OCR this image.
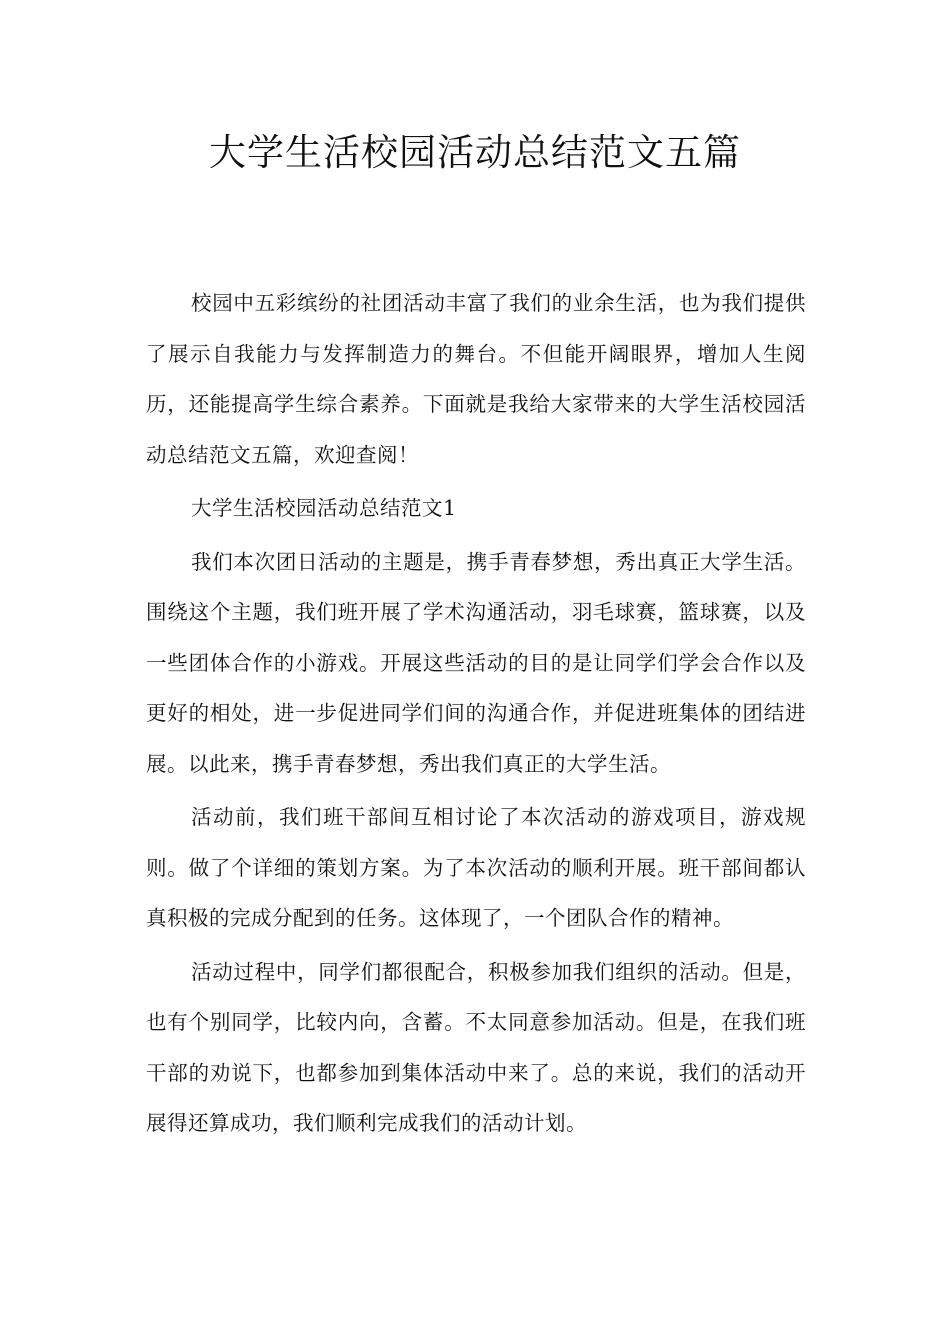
大学生活校园活动总结范文五篇

校园中五彩缤纷的社团活动丰富了我们的业余生活，也为我们提供了展示自我能力与发挥制造力的舞台。不但能开阔眼界，增加人生阅历，还能提高学生综合素养。下面就是我给大家带来的大学生活校园活动总结范文五篇，欢迎查阅！

大学生活校园活动总结范文1

我们本次团日活动的主题是，携手青春梦想，秀出真正大学生活。围绕这个主题，我们班开展了学术沟通活动，羽毛球赛，篮球赛，以及一些团体合作的小游戏。开展这些活动的目的是让同学们学会合作以及更好的相处，进一步促进同学们间的沟通合作，并促进班集体的团结进展。以此来，携手青春梦想，秀出我们真正的大学生活。

活动前，我们班干部间互相讨论了本次活动的游戏项目，游戏规则。做了个详细的策划方案。为了本次活动的顺利开展。班干部间都认真积极的完成分配到的任务。这体现了，一个团队合作的精神。

活动过程中，同学们都很配合，积极参加我们组织的活动。但是，也有个别同学，比较内向，含蓄。不太同意参加活动。但是，在我们班干部的劝说下，也都参加到集体活动中来了。总的来说，我们的活动开展得还算成功，我们顺利完成我们的活动计划。
